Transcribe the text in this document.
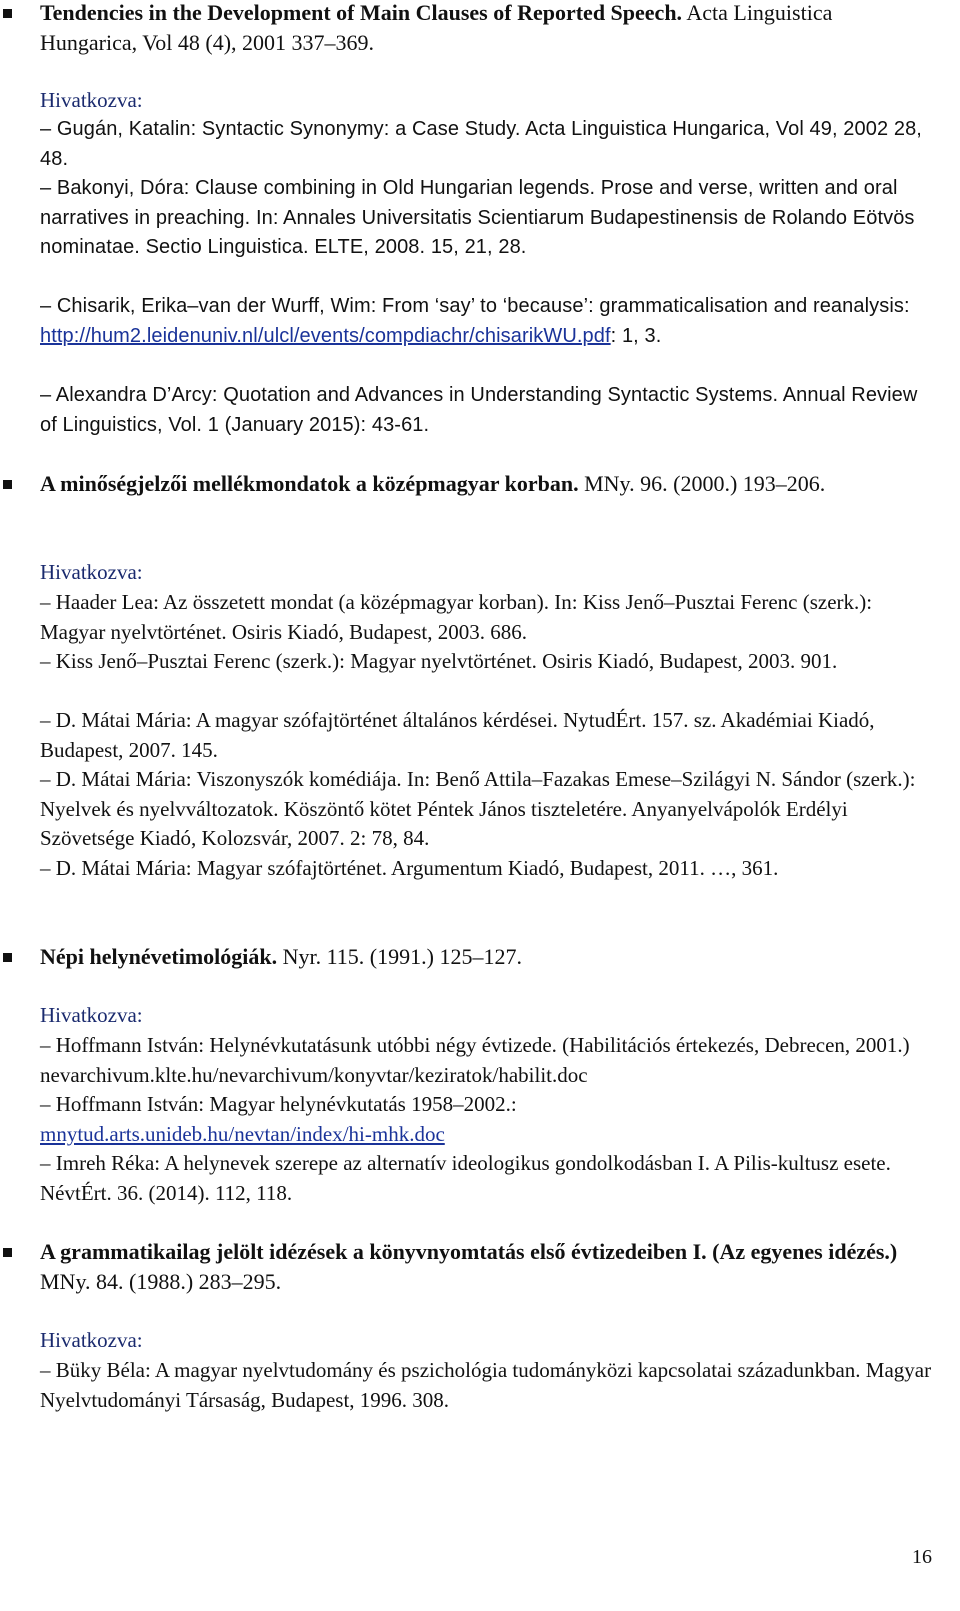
Tendencies in the Development of Main Clauses of Reported Speech. Acta Linguistica Hungarica, Vol 48 (4), 2001 337–369.
Hivatkozva:
– Gugán, Katalin: Syntactic Synonymy: a Case Study. Acta Linguistica Hungarica, Vol 49, 2002 28, 48.
– Bakonyi, Dóra: Clause combining in Old Hungarian legends. Prose and verse, written and oral narratives in preaching. In: Annales Universitatis Scientiarum Budapestinensis de Rolando Eötvös nominatae. Sectio Linguistica. ELTE, 2008. 15, 21, 28.
– Chisarik, Erika–van der Wurff, Wim: From ‘say’ to ‘because’: grammaticalisation and reanalysis:
http://hum2.leidenuniv.nl/ulcl/events/compdiachr/chisarikWU.pdf: 1, 3.
– Alexandra D’Arcy: Quotation and Advances in Understanding Syntactic Systems. Annual Review of Linguistics, Vol. 1 (January 2015): 43-61.
A minőségjelzői mellékmondatok a középmagyar korban. MNy. 96. (2000.) 193–206.
Hivatkozva:
– Haader Lea: Az összetett mondat (a középmagyar korban). In: Kiss Jenő–Pusztai Ferenc (szerk.): Magyar nyelvtörténet. Osiris Kiadó, Budapest, 2003. 686.
– Kiss Jenő–Pusztai Ferenc (szerk.): Magyar nyelvtörténet. Osiris Kiadó, Budapest, 2003. 901.
– D. Mátai Mária: A magyar szófajtörténet általános kérdései. NytudÉrt. 157. sz. Akadémiai Kiadó, Budapest, 2007. 145.
– D. Mátai Mária: Viszonyszók komédiája. In: Benő Attila–Fazakas Emese–Szilágyi N. Sándor (szerk.): Nyelvek és nyelvváltozatok. Köszöntő kötet Péntek János tiszteletére. Anyanyelvápolók Erdélyi Szövetsége Kiadó, Kolozsvár, 2007. 2: 78, 84.
– D. Mátai Mária: Magyar szófajtörténet. Argumentum Kiadó, Budapest, 2011. …, 361.
Népi helynévetimológiák. Nyr. 115. (1991.) 125–127.
Hivatkozva:
– Hoffmann István: Helynévkutatásunk utóbbi négy évtizede. (Habilitációs értekezés, Debrecen, 2001.) nevarchivum.klte.hu/nevarchivum/konyvtar/keziratok/habilit.doc
– Hoffmann István: Magyar helynévkutatás 1958–2002.:
mnytud.arts.unideb.hu/nevtan/index/hi-mhk.doc
– Imreh Réka: A helynevek szerepe az alternatív ideologikus gondolkodásban I. A Pilis-kultusz esete. NévtÉrt. 36. (2014). 112, 118.
A grammatikailag jelölt idézések a könyvnyomtatás első évtizedeiben I. (Az egyenes idézés.) MNy. 84. (1988.) 283–295.
Hivatkozva:
– Büky Béla: A magyar nyelvtudomány és pszichológia tudományközi kapcsolatai századunkban. Magyar Nyelvtudományi Társaság, Budapest, 1996. 308.
16
